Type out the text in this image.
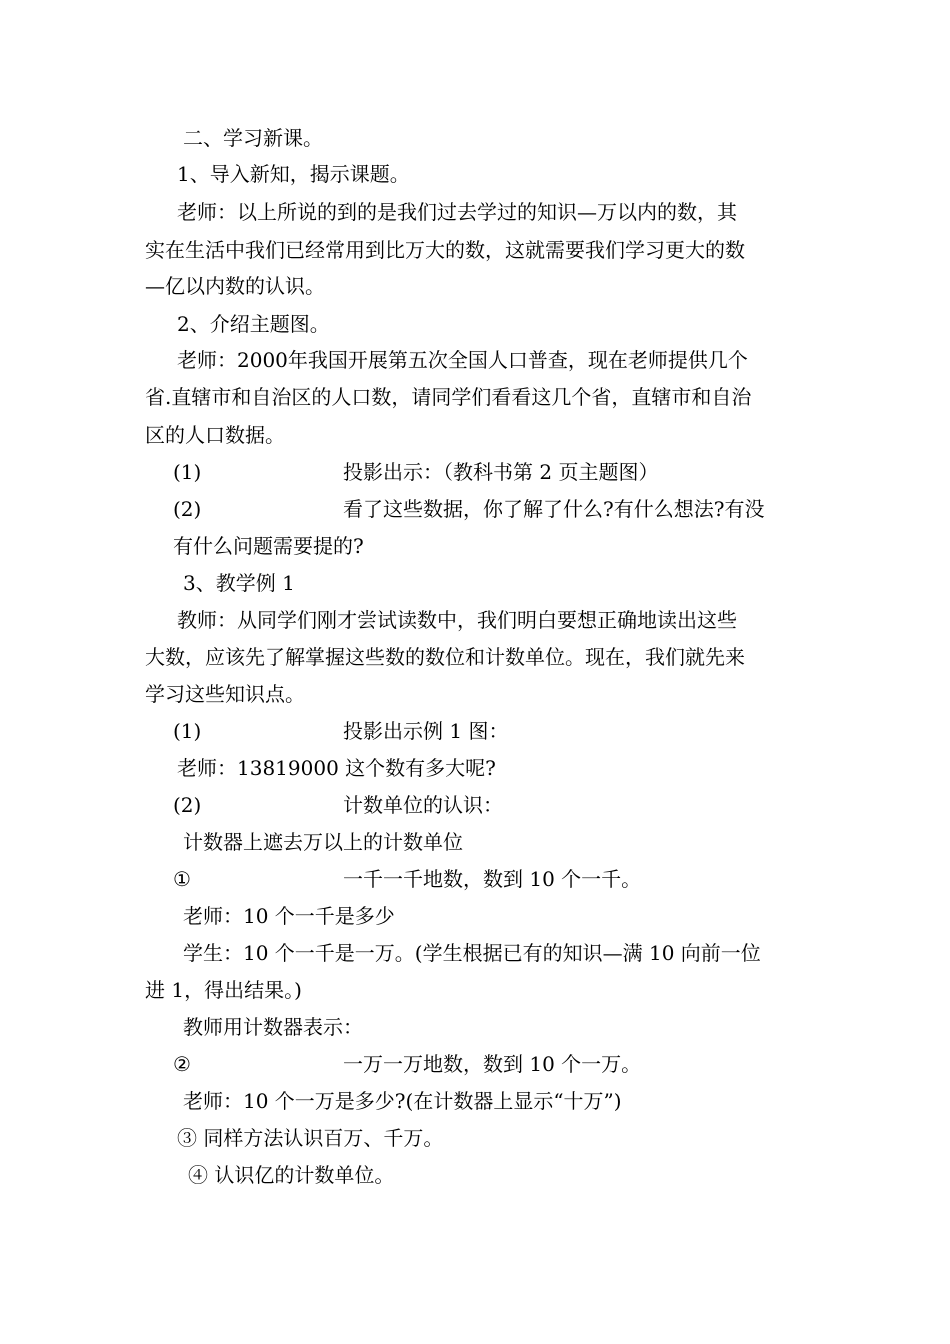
二、学习新课。
1、导入新知，揭示课题。
老师：以上所说的到的是我们过去学过的知识—万以内的数，其
实在生活中我们已经常用到比万大的数，这就需要我们学习更大的数
—亿以内数的认识。
2、介绍主题图。
老师：2000年我国开展第五次全国人口普查，现在老师提供几个
省.直辖市和自治区的人口数，请同学们看看这几个省，直辖市和自治
区的人口数据。
(1)	投影出示：（教科书第 2 页主题图）
(2)	看了这些数据，你了解了什么?有什么想法?有没
有什么问题需要提的?
3、教学例 1
教师：从同学们刚才尝试读数中，我们明白要想正确地读出这些
大数，应该先了解掌握这些数的数位和计数单位。现在，我们就先来
学习这些知识点。
(1)	投影出示例 1 图：
老师：13819000 这个数有多大呢?
(2)	计数单位的认识：
计数器上遮去万以上的计数单位
①	一千一千地数，数到 10 个一千。
老师：10 个一千是多少
学生：10 个一千是一万。(学生根据已有的知识—满 10 向前一位
进 1，得出结果。)
教师用计数器表示：
②	一万一万地数，数到 10 个一万。
老师：10 个一万是多少?(在计数器上显示“十万”)
③ 同样方法认识百万、千万。
④ 认识亿的计数单位。
